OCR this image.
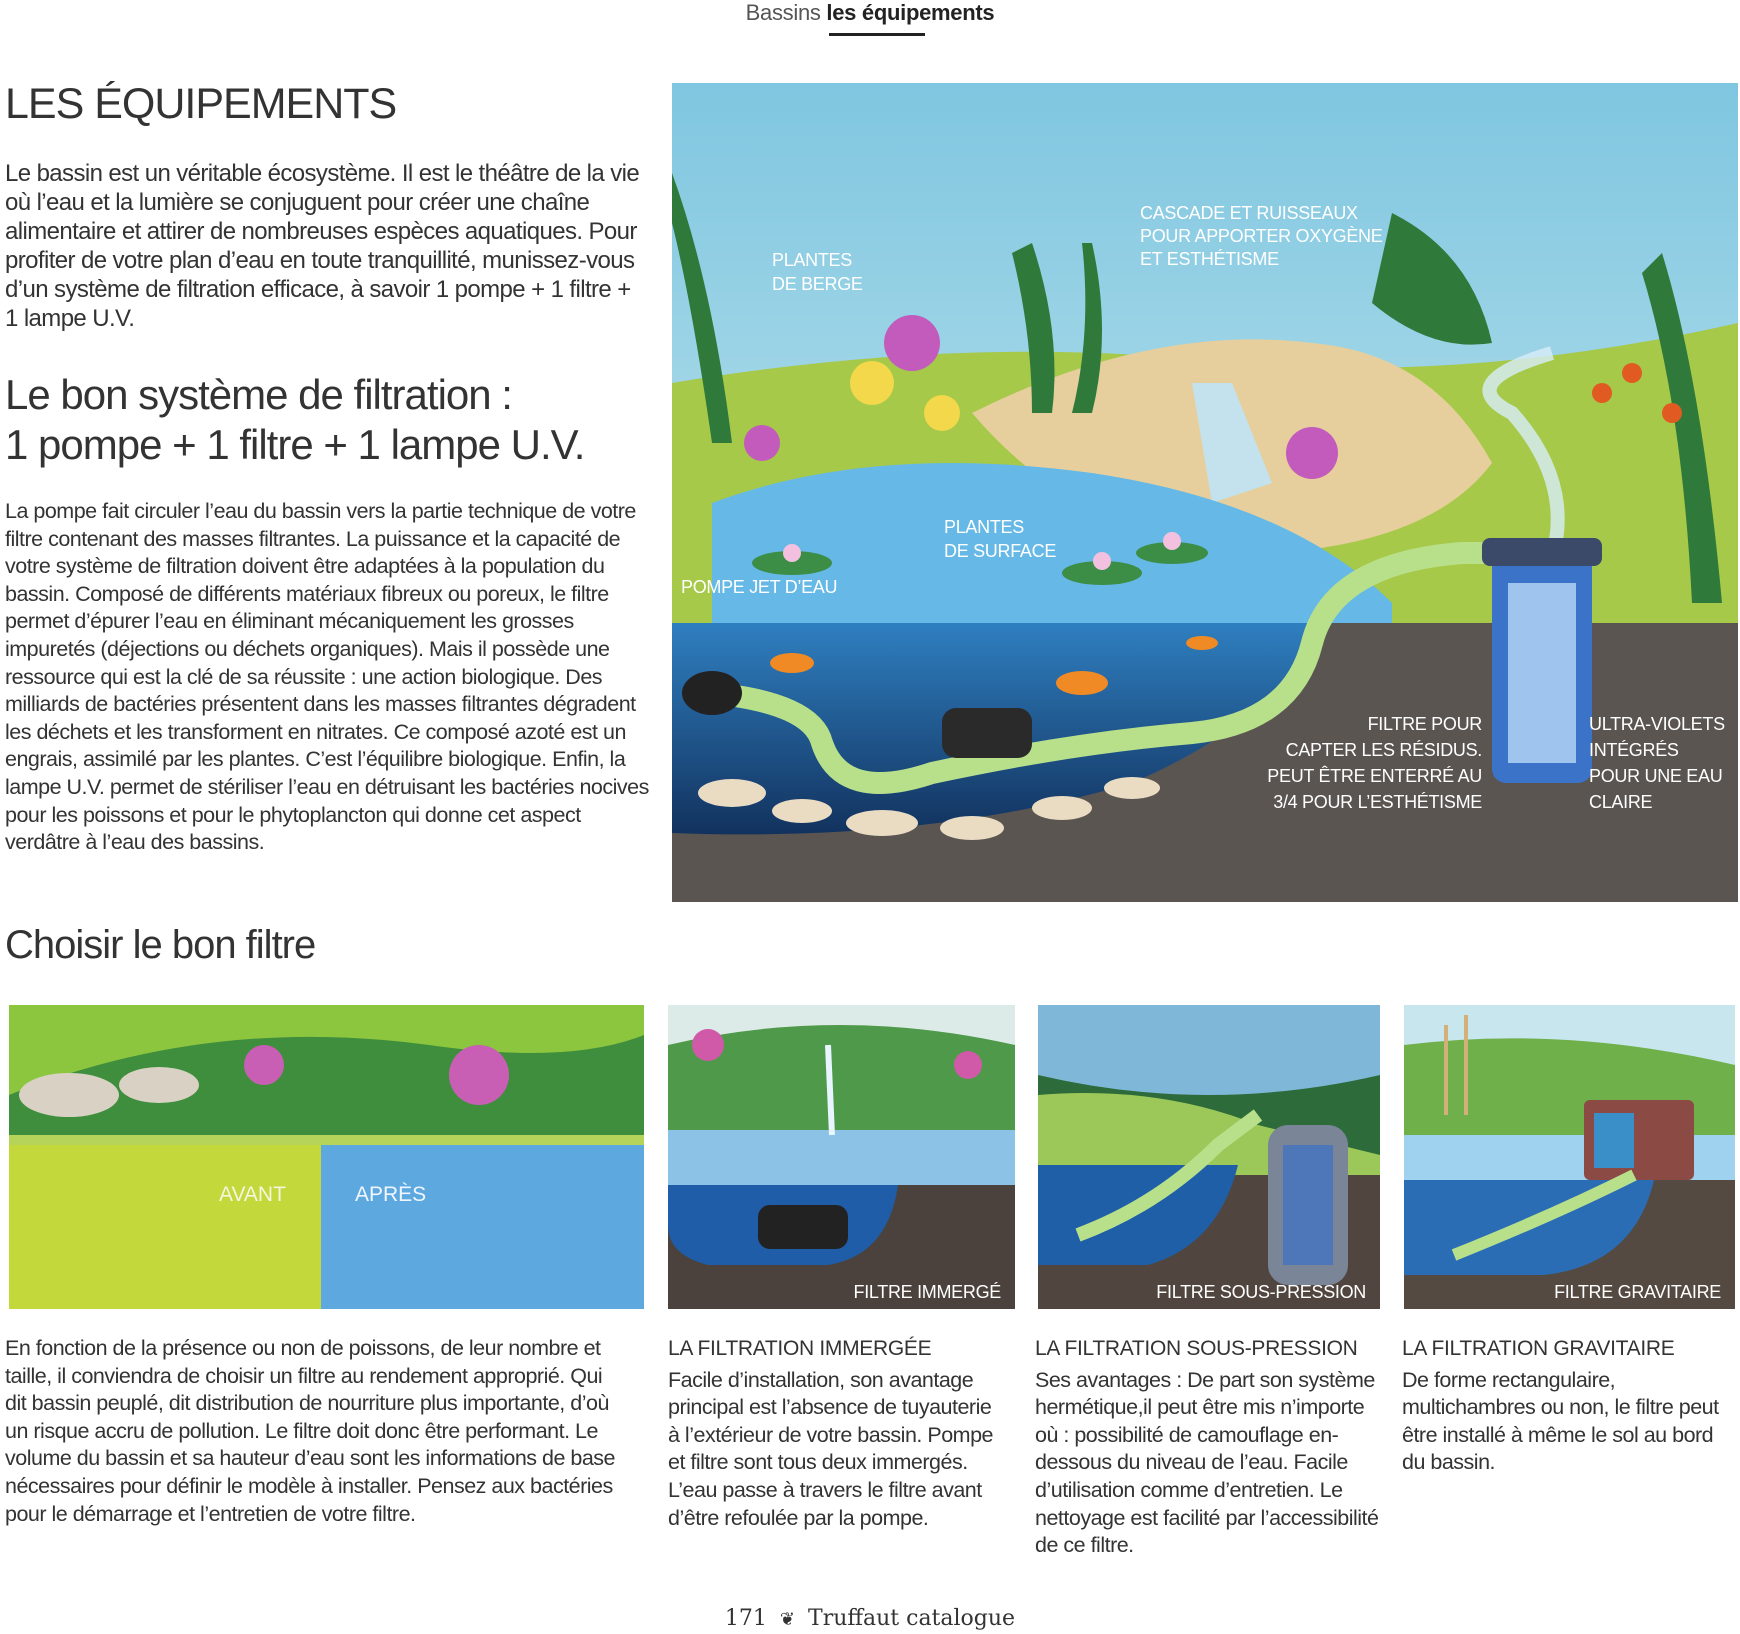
Bassins les équipements
LES ÉQUIPEMENTS

Le bassin est un véritable écosystème. Il est le théâtre de la vie où l’eau et la lumière se conjuguent pour créer une chaîne alimentaire et attirer de nombreuses espèces aquatiques. Pour profiter de votre plan d’eau en toute tranquillité, munissez-vous d’un système de filtration efficace, à savoir 1 pompe + 1 filtre + 1 lampe U.V.

Le bon système de filtration :
1 pompe + 1 filtre + 1 lampe U.V.

La pompe fait circuler l’eau du bassin vers la partie technique de votre filtre contenant des masses filtrantes. La puissance et la capacité de votre système de filtration doivent être adaptées à la population du bassin. Composé de différents matériaux fibreux ou poreux, le filtre permet d’épurer l’eau en éliminant mécaniquement les grosses impuretés (déjections ou déchets organiques). Mais il possède une ressource qui est la clé de sa réussite : une action biologique. Des milliards de bactéries présentent dans les masses filtrantes dégradent les déchets et les transforment en nitrates. Ce composé azoté est un engrais, assimilé par les plantes. C’est l’équilibre biologique. Enfin, la lampe U.V. permet de stériliser l’eau en détruisant les bactéries nocives pour les poissons et pour le phytoplancton qui donne cet aspect verdâtre à l’eau des bassins.

PLANTES
DE BERGE
CASCADE ET RUISSEAUX
POUR APPORTER OXYGÈNE
ET ESTHÉTISME
PLANTES
DE SURFACE
POMPE JET D’EAU
FILTRE POUR
CAPTER LES RÉSIDUS.
PEUT ÊTRE ENTERRÉ AU
3/4 POUR L’ESTHÉTISME
ULTRA-VIOLETS
INTÉGRÉS
POUR UNE EAU
CLAIRE
Choisir le bon filtre
AVANT	APRÈS
FILTRE IMMERGÉ	FILTRE SOUS-PRESSION	FILTRE GRAVITAIRE

En fonction de la présence ou non de poissons, de leur nombre et taille, il conviendra de choisir un filtre au rendement approprié. Qui dit bassin peuplé, dit distribution de nourriture plus importante, d’où un risque accru de pollution. Le filtre doit donc être performant. Le volume du bassin et sa hauteur d’eau sont les informations de base nécessaires pour définir le modèle à installer. Pensez aux bactéries pour le démarrage et l’entretien de votre filtre.

LA FILTRATION IMMERGÉE

Facile d’installation, son avantage principal est l’absence de tuyauterie à l’extérieur de votre bassin. Pompe et filtre sont tous deux immergés. L’eau passe à travers le filtre avant d’être refoulée par la pompe.

LA FILTRATION SOUS-PRESSION

Ses avantages : De part son système hermétique,il peut être mis n’importe où : possibilité de camouflage en-dessous du niveau de l’eau. Facile d’utilisation comme d’entretien. Le nettoyage est facilité par l’accessibilité de ce filtre.

LA FILTRATION GRAVITAIRE

De forme rectangulaire, multichambres ou non, le filtre peut être installé à même le sol au bord du bassin.

171 ❦ Truffaut catalogue
